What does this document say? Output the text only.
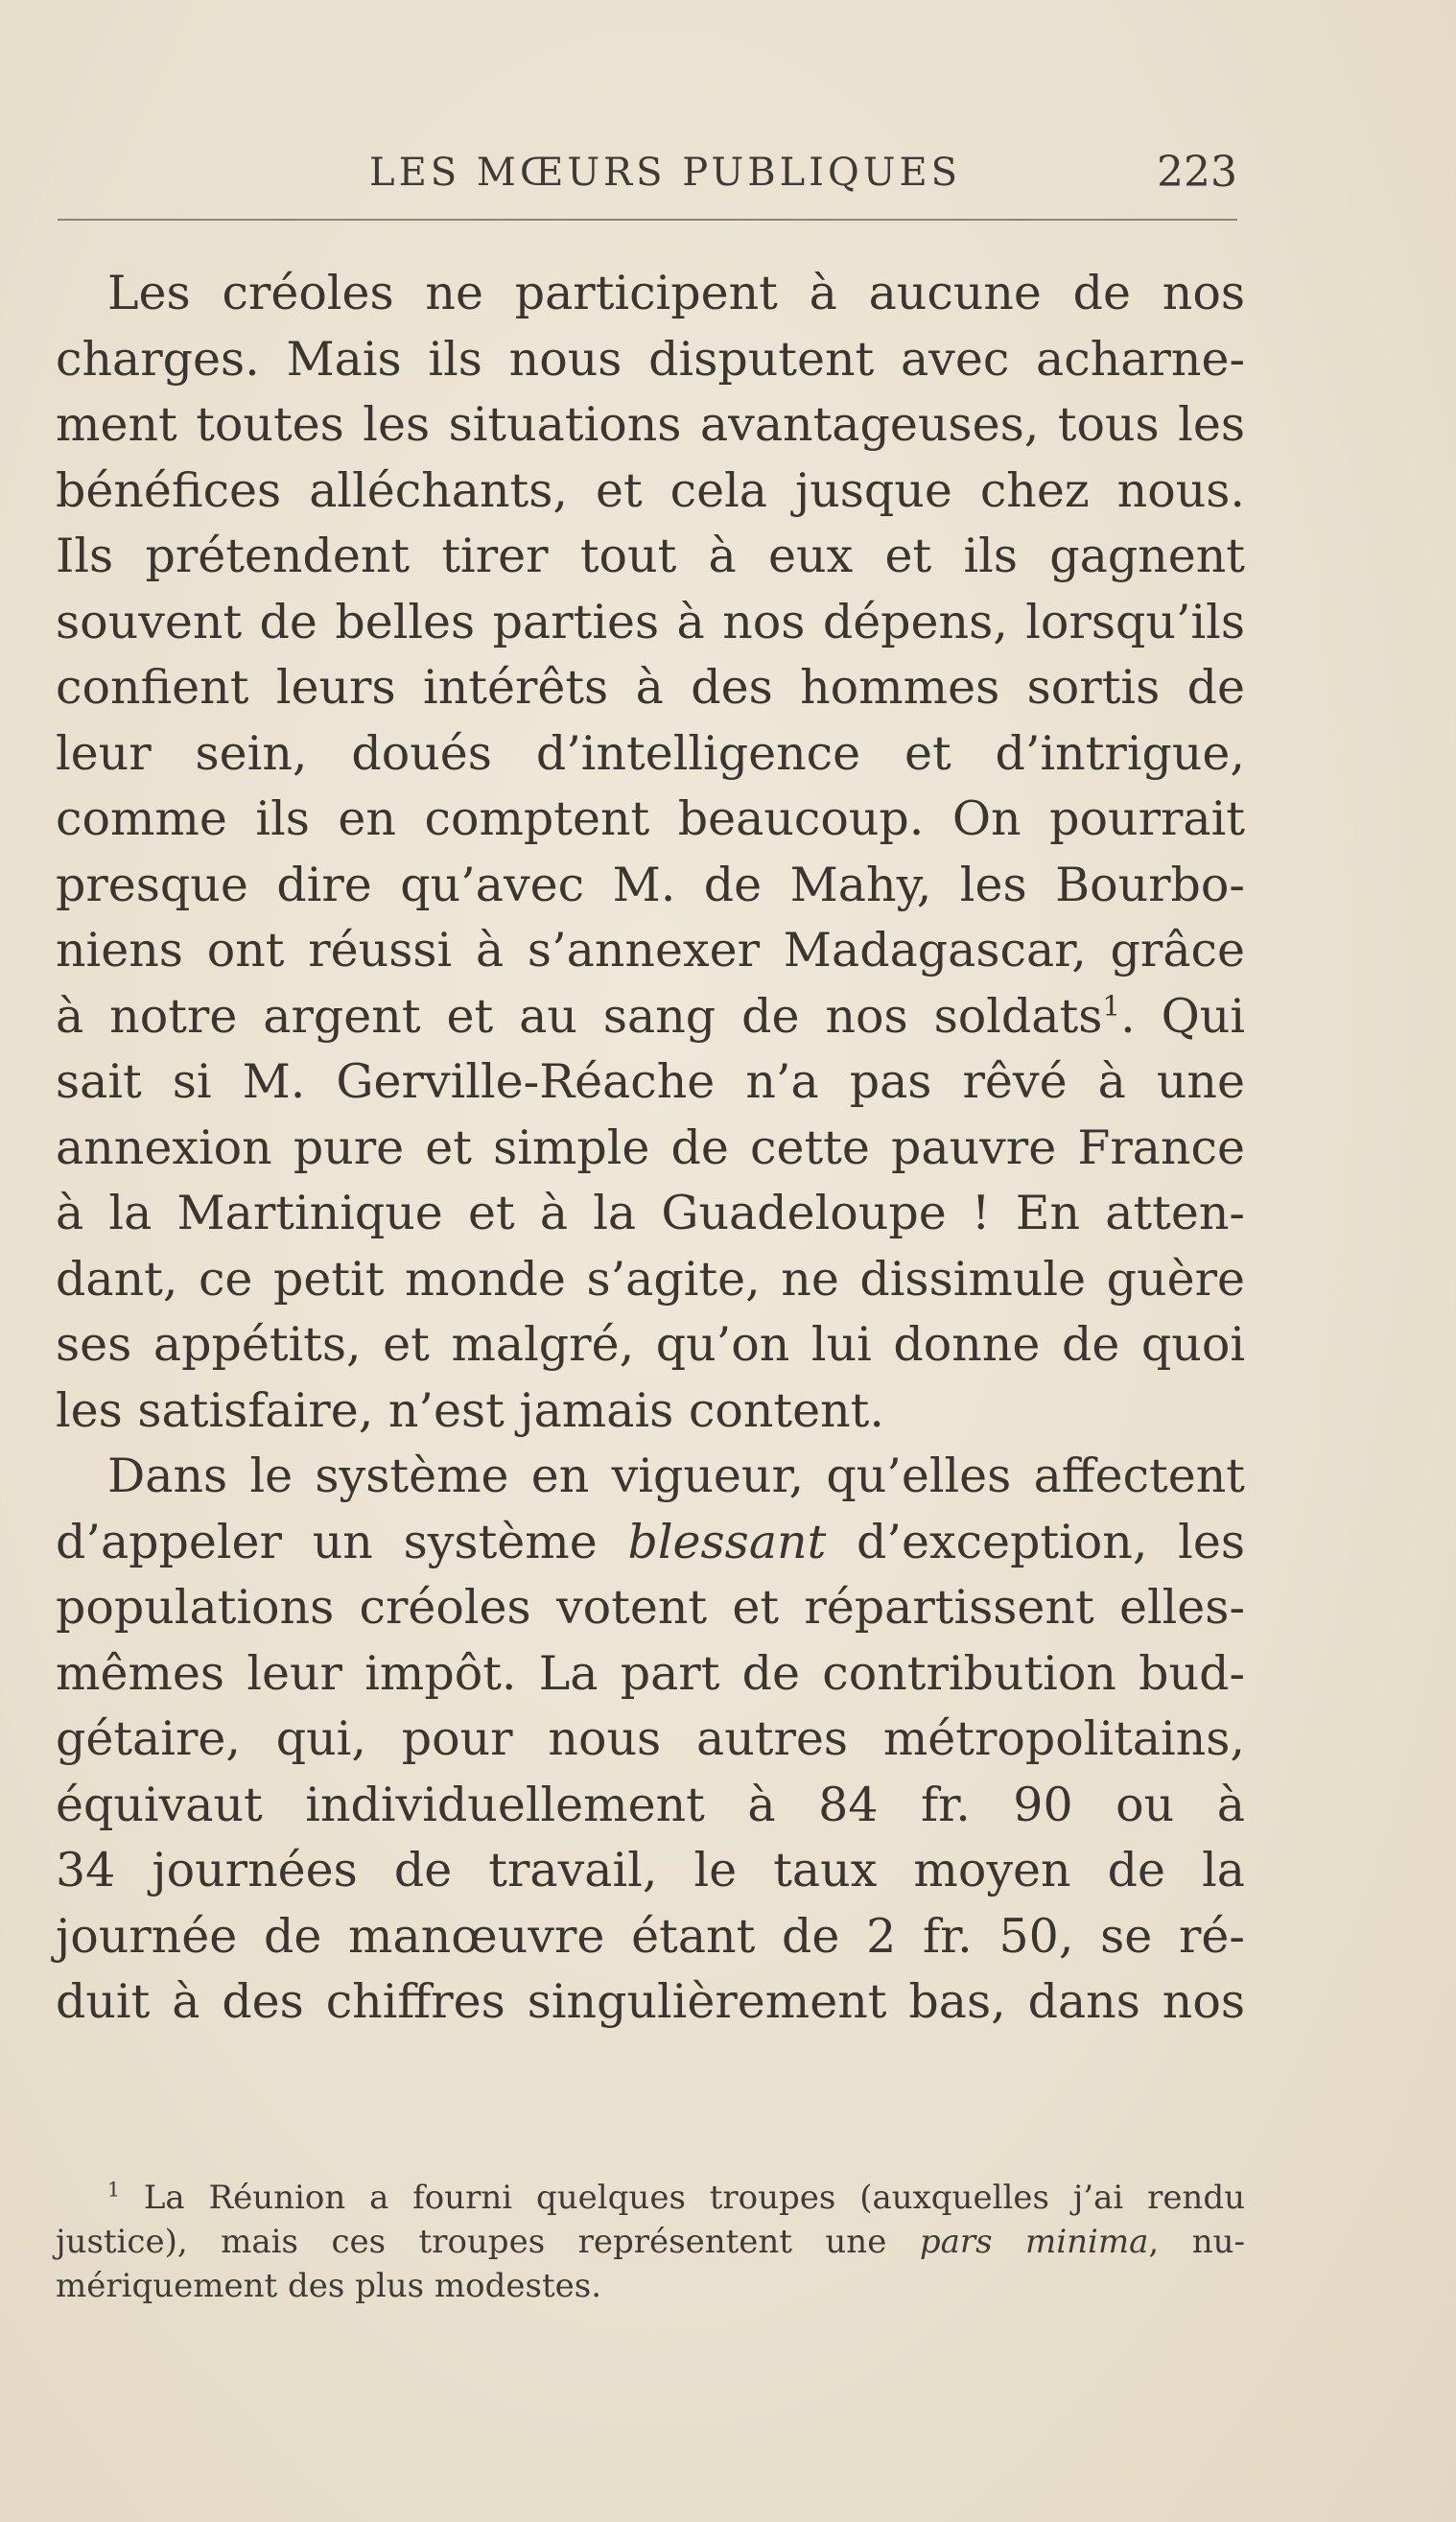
LES MŒURS PUBLIQUES	223
Les créoles ne participent à aucune de nos
charges. Mais ils nous disputent avec acharne-
ment toutes les situations avantageuses, tous les
bénéfices alléchants, et cela jusque chez nous.
Ils prétendent tirer tout à eux et ils gagnent
souvent de belles parties à nos dépens, lorsqu’ils
confient leurs intérêts à des hommes sortis de
leur sein, doués d’intelligence et d’intrigue,
comme ils en comptent beaucoup. On pourrait
presque dire qu’avec M. de Mahy, les Bourbo-
niens ont réussi à s’annexer Madagascar, grâce
à notre argent et au sang de nos soldats$^1$. Qui
sait si M. Gerville-Réache n’a pas rêvé à une
annexion pure et simple de cette pauvre France
à la Martinique et à la Guadeloupe ! En atten-
dant, ce petit monde s’agite, ne dissimule guère
ses appétits, et malgré, qu’on lui donne de quoi
les satisfaire, n’est jamais content.
Dans le système en vigueur, qu’elles affectent
d’appeler un système blessant d’exception, les
populations créoles votent et répartissent elles-
mêmes leur impôt. La part de contribution bud-
gétaire, qui, pour nous autres métropolitains,
équivaut individuellement à 84 fr. 90 ou à
34 journées de travail, le taux moyen de la
journée de manœuvre étant de 2 fr. 50, se ré-
duit à des chiffres singulièrement bas, dans nos
$^1$ La Réunion a fourni quelques troupes (auxquelles j’ai rendu
justice), mais ces troupes représentent une pars minima, nu-
mériquement des plus modestes.
